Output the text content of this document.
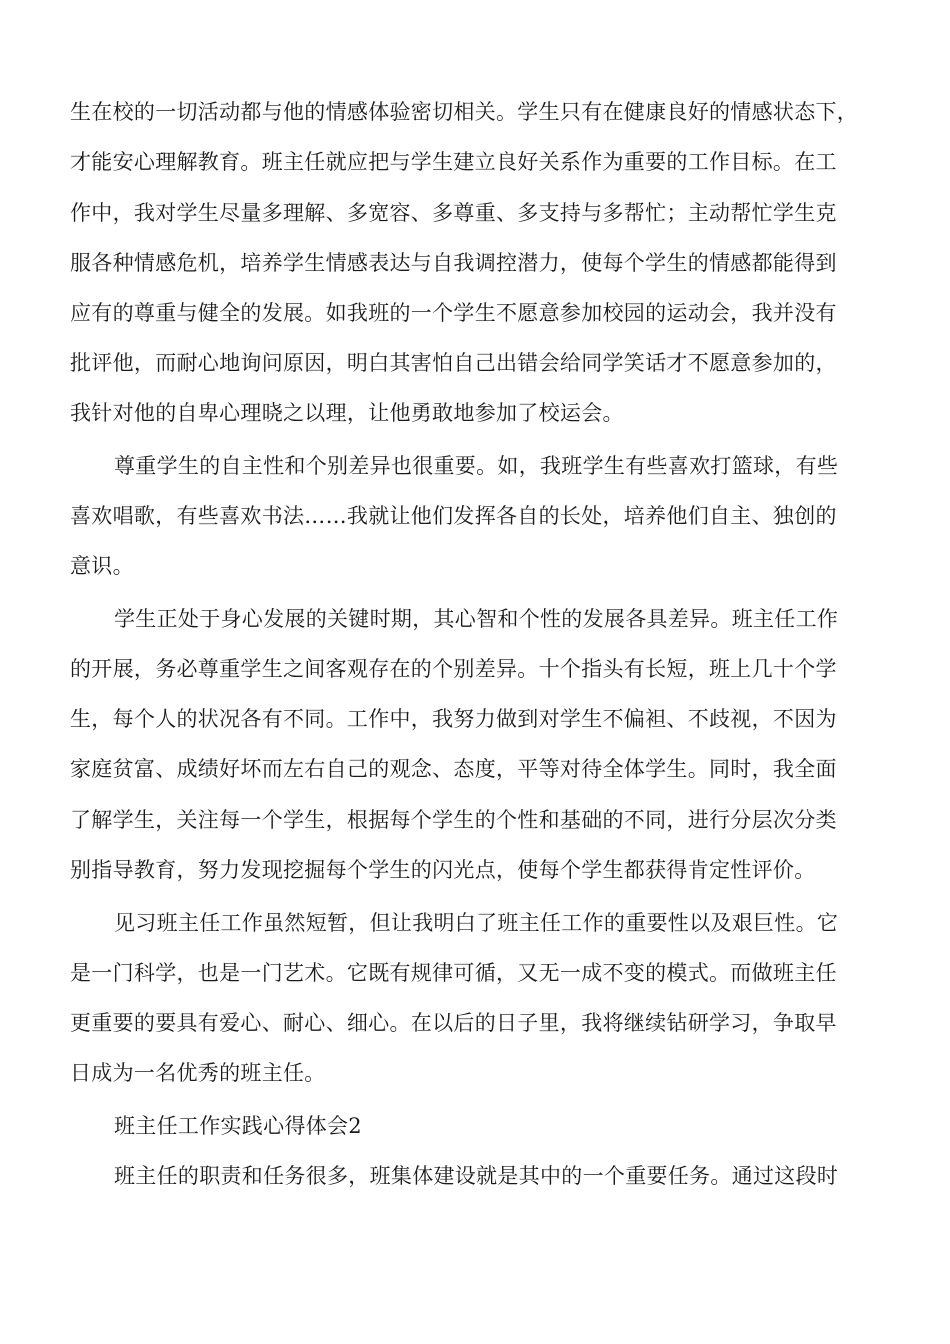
生在校的一切活动都与他的情感体验密切相关。学生只有在健康良好的情感状态下，
才能安心理解教育。班主任就应把与学生建立良好关系作为重要的工作目标。在工
作中，我对学生尽量多理解、多宽容、多尊重、多支持与多帮忙；主动帮忙学生克
服各种情感危机，培养学生情感表达与自我调控潜力，使每个学生的情感都能得到
应有的尊重与健全的发展。如我班的一个学生不愿意参加校园的运动会，我并没有
批评他，而耐心地询问原因，明白其害怕自己出错会给同学笑话才不愿意参加的，
我针对他的自卑心理晓之以理，让他勇敢地参加了校运会。
尊重学生的自主性和个别差异也很重要。如，我班学生有些喜欢打篮球，有些
喜欢唱歌，有些喜欢书法……我就让他们发挥各自的长处，培养他们自主、独创的
意识。
学生正处于身心发展的关键时期，其心智和个性的发展各具差异。班主任工作
的开展，务必尊重学生之间客观存在的个别差异。十个指头有长短，班上几十个学
生，每个人的状况各有不同。工作中，我努力做到对学生不偏袒、不歧视，不因为
家庭贫富、成绩好坏而左右自己的观念、态度，平等对待全体学生。同时，我全面
了解学生，关注每一个学生，根据每个学生的个性和基础的不同，进行分层次分类
别指导教育，努力发现挖掘每个学生的闪光点，使每个学生都获得肯定性评价。
见习班主任工作虽然短暂，但让我明白了班主任工作的重要性以及艰巨性。它
是一门科学，也是一门艺术。它既有规律可循，又无一成不变的模式。而做班主任
更重要的要具有爱心、耐心、细心。在以后的日子里，我将继续钻研学习，争取早
日成为一名优秀的班主任。
班主任工作实践心得体会2
班主任的职责和任务很多，班集体建设就是其中的一个重要任务。通过这段时
